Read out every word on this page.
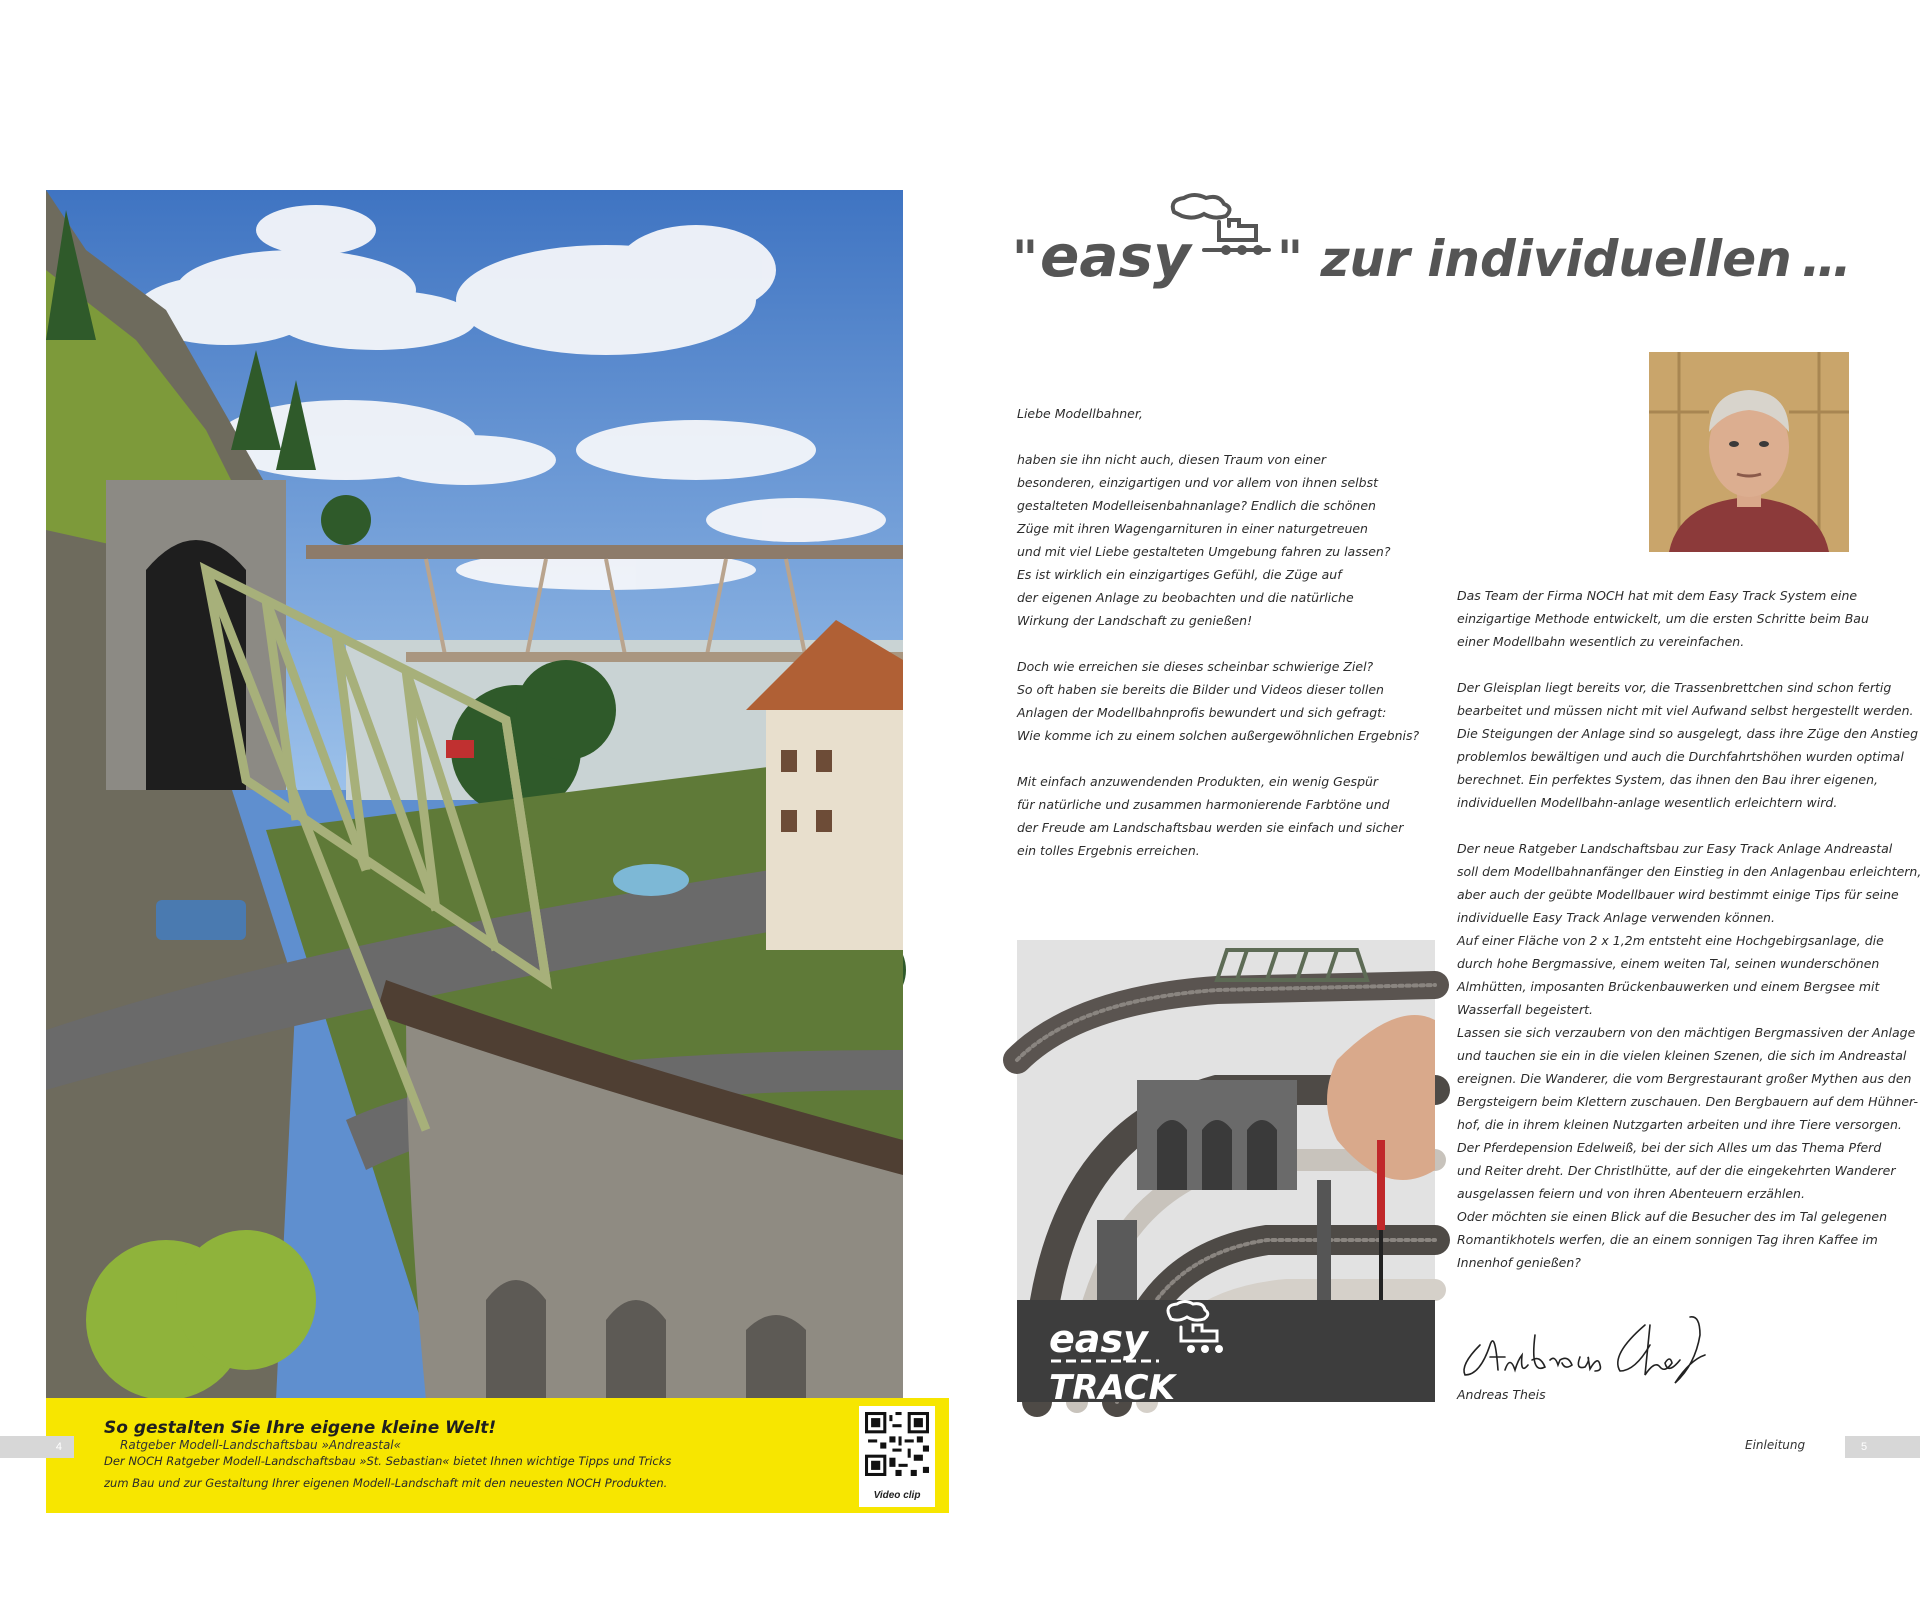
So gestalten Sie Ihre eigene kleine Welt!
Der NOCH Ratgeber Modell-Landschaftsbau »St. Sebastian« bietet Ihnen wichtige Tipps und Tricks
zum Bau und zur Gestaltung Ihrer eigenen Modell-Landschaft mit den neuesten NOCH Produkten.
Video clip
4	Ratgeber Modell-Landschaftsbau »Andreastal«
" easy " zur individuellen …

Liebe Modellbahner,

haben sie ihn nicht auch, diesen Traum von einer
besonderen, einzigartigen und vor allem von ihnen selbst
gestalteten Modelleisenbahnanlage? Endlich die schönen
Züge mit ihren Wagengarnituren in einer naturgetreuen
und mit viel Liebe gestalteten Umgebung fahren zu lassen?
Es ist wirklich ein einzigartiges Gefühl, die Züge auf
der eigenen Anlage zu beobachten und die natürliche
Wirkung der Landschaft zu genießen!

Doch wie erreichen sie dieses scheinbar schwierige Ziel?
So oft haben sie bereits die Bilder und Videos dieser tollen
Anlagen der Modellbahnprofis bewundert und sich gefragt:
Wie komme ich zu einem solchen außergewöhnlichen Ergebnis?

Mit einfach anzuwendenden Produkten, ein wenig Gespür
für natürliche und zusammen harmonierende Farbtöne und
der Freude am Landschaftsbau werden sie einfach und sicher
ein tolles Ergebnis erreichen.

Das Team der Firma NOCH hat mit dem Easy Track System eine
einzigartige Methode entwickelt, um die ersten Schritte beim Bau
einer Modellbahn wesentlich zu vereinfachen.

Der Gleisplan liegt bereits vor, die Trassenbrettchen sind schon fertig
bearbeitet und müssen nicht mit viel Aufwand selbst hergestellt werden.
Die Steigungen der Anlage sind so ausgelegt, dass ihre Züge den Anstieg
problemlos bewältigen und auch die Durchfahrtshöhen wurden optimal
berechnet. Ein perfektes System, das ihnen den Bau ihrer eigenen,
individuellen Modellbahn-anlage wesentlich erleichtern wird.

Der neue Ratgeber Landschaftsbau zur Easy Track Anlage Andreastal
soll dem Modellbahnanfänger den Einstieg in den Anlagenbau erleichtern,
aber auch der geübte Modellbauer wird bestimmt einige Tips für seine
individuelle Easy Track Anlage verwenden können.
Auf einer Fläche von 2 x 1,2m entsteht eine Hochgebirgsanlage, die
durch hohe Bergmassive, einem weiten Tal, seinen wunderschönen
Almhütten, imposanten Brückenbauwerken und einem Bergsee mit
Wasserfall begeistert.
Lassen sie sich verzaubern von den mächtigen Bergmassiven der Anlage
und tauchen sie ein in die vielen kleinen Szenen, die sich im Andreastal
ereignen. Die Wanderer, die vom Bergrestaurant großer Mythen aus den
Bergsteigern beim Klettern zuschauen. Den Bergbauern auf dem Hühner-
hof, die in ihrem kleinen Nutzgarten arbeiten und ihre Tiere versorgen.
Der Pferdepension Edelweiß, bei der sich Alles um das Thema Pferd
und Reiter dreht. Der Christlhütte, auf der die eingekehrten Wanderer
ausgelassen feiern und von ihren Abenteuern erzählen.
Oder möchten sie einen Blick auf die Besucher des im Tal gelegenen
Romantikhotels werfen, die an einem sonnigen Tag ihren Kaffee im
Innenhof genießen?

easy
TRACK	Andreas Theis
Einleitung	5
